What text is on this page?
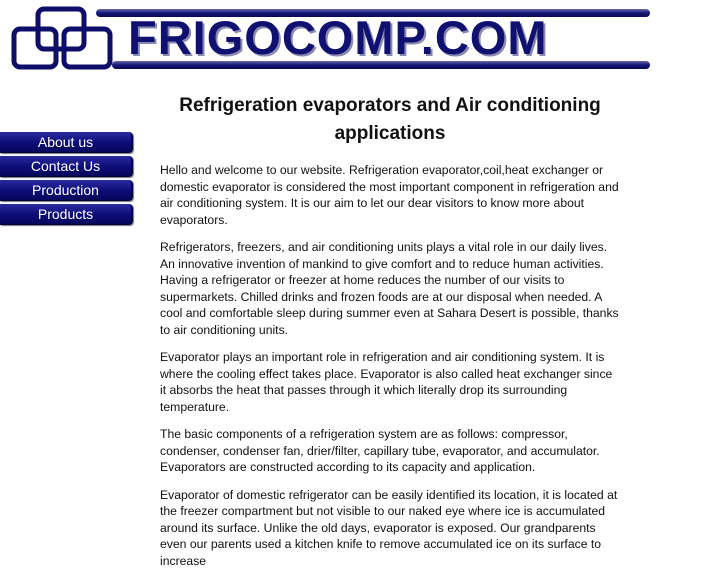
FRIGOCOMP.COM
About us
Contact Us
Production
Products
Refrigeration evaporators and Air conditioning applications

Hello and welcome to our website. Refrigeration evaporator,coil,heat exchanger or domestic evaporator is considered the most important component in refrigeration and air conditioning system. It is our aim to let our dear visitors to know more about evaporators.

Refrigerators, freezers, and air conditioning units plays a vital role in our daily lives. An innovative invention of mankind to give comfort and to reduce human activities. Having a refrigerator or freezer at home reduces the number of our visits to supermarkets. Chilled drinks and frozen foods are at our disposal when needed. A cool and comfortable sleep during summer even at Sahara Desert is possible, thanks to air conditioning units.

Evaporator plays an important role in refrigeration and air conditioning system. It is where the cooling effect takes place. Evaporator is also called heat exchanger since it absorbs the heat that passes through it which literally drop its surrounding temperature.

The basic components of a refrigeration system are as follows: compressor, condenser, condenser fan, drier/filter, capillary tube, evaporator, and accumulator. Evaporators are constructed according to its capacity and application.

Evaporator of domestic refrigerator can be easily identified its location, it is located at the freezer compartment but not visible to our naked eye where ice is accumulated around its surface. Unlike the old days, evaporator is exposed. Our grandparents even our parents used a kitchen knife to remove accumulated ice on its surface to increase
